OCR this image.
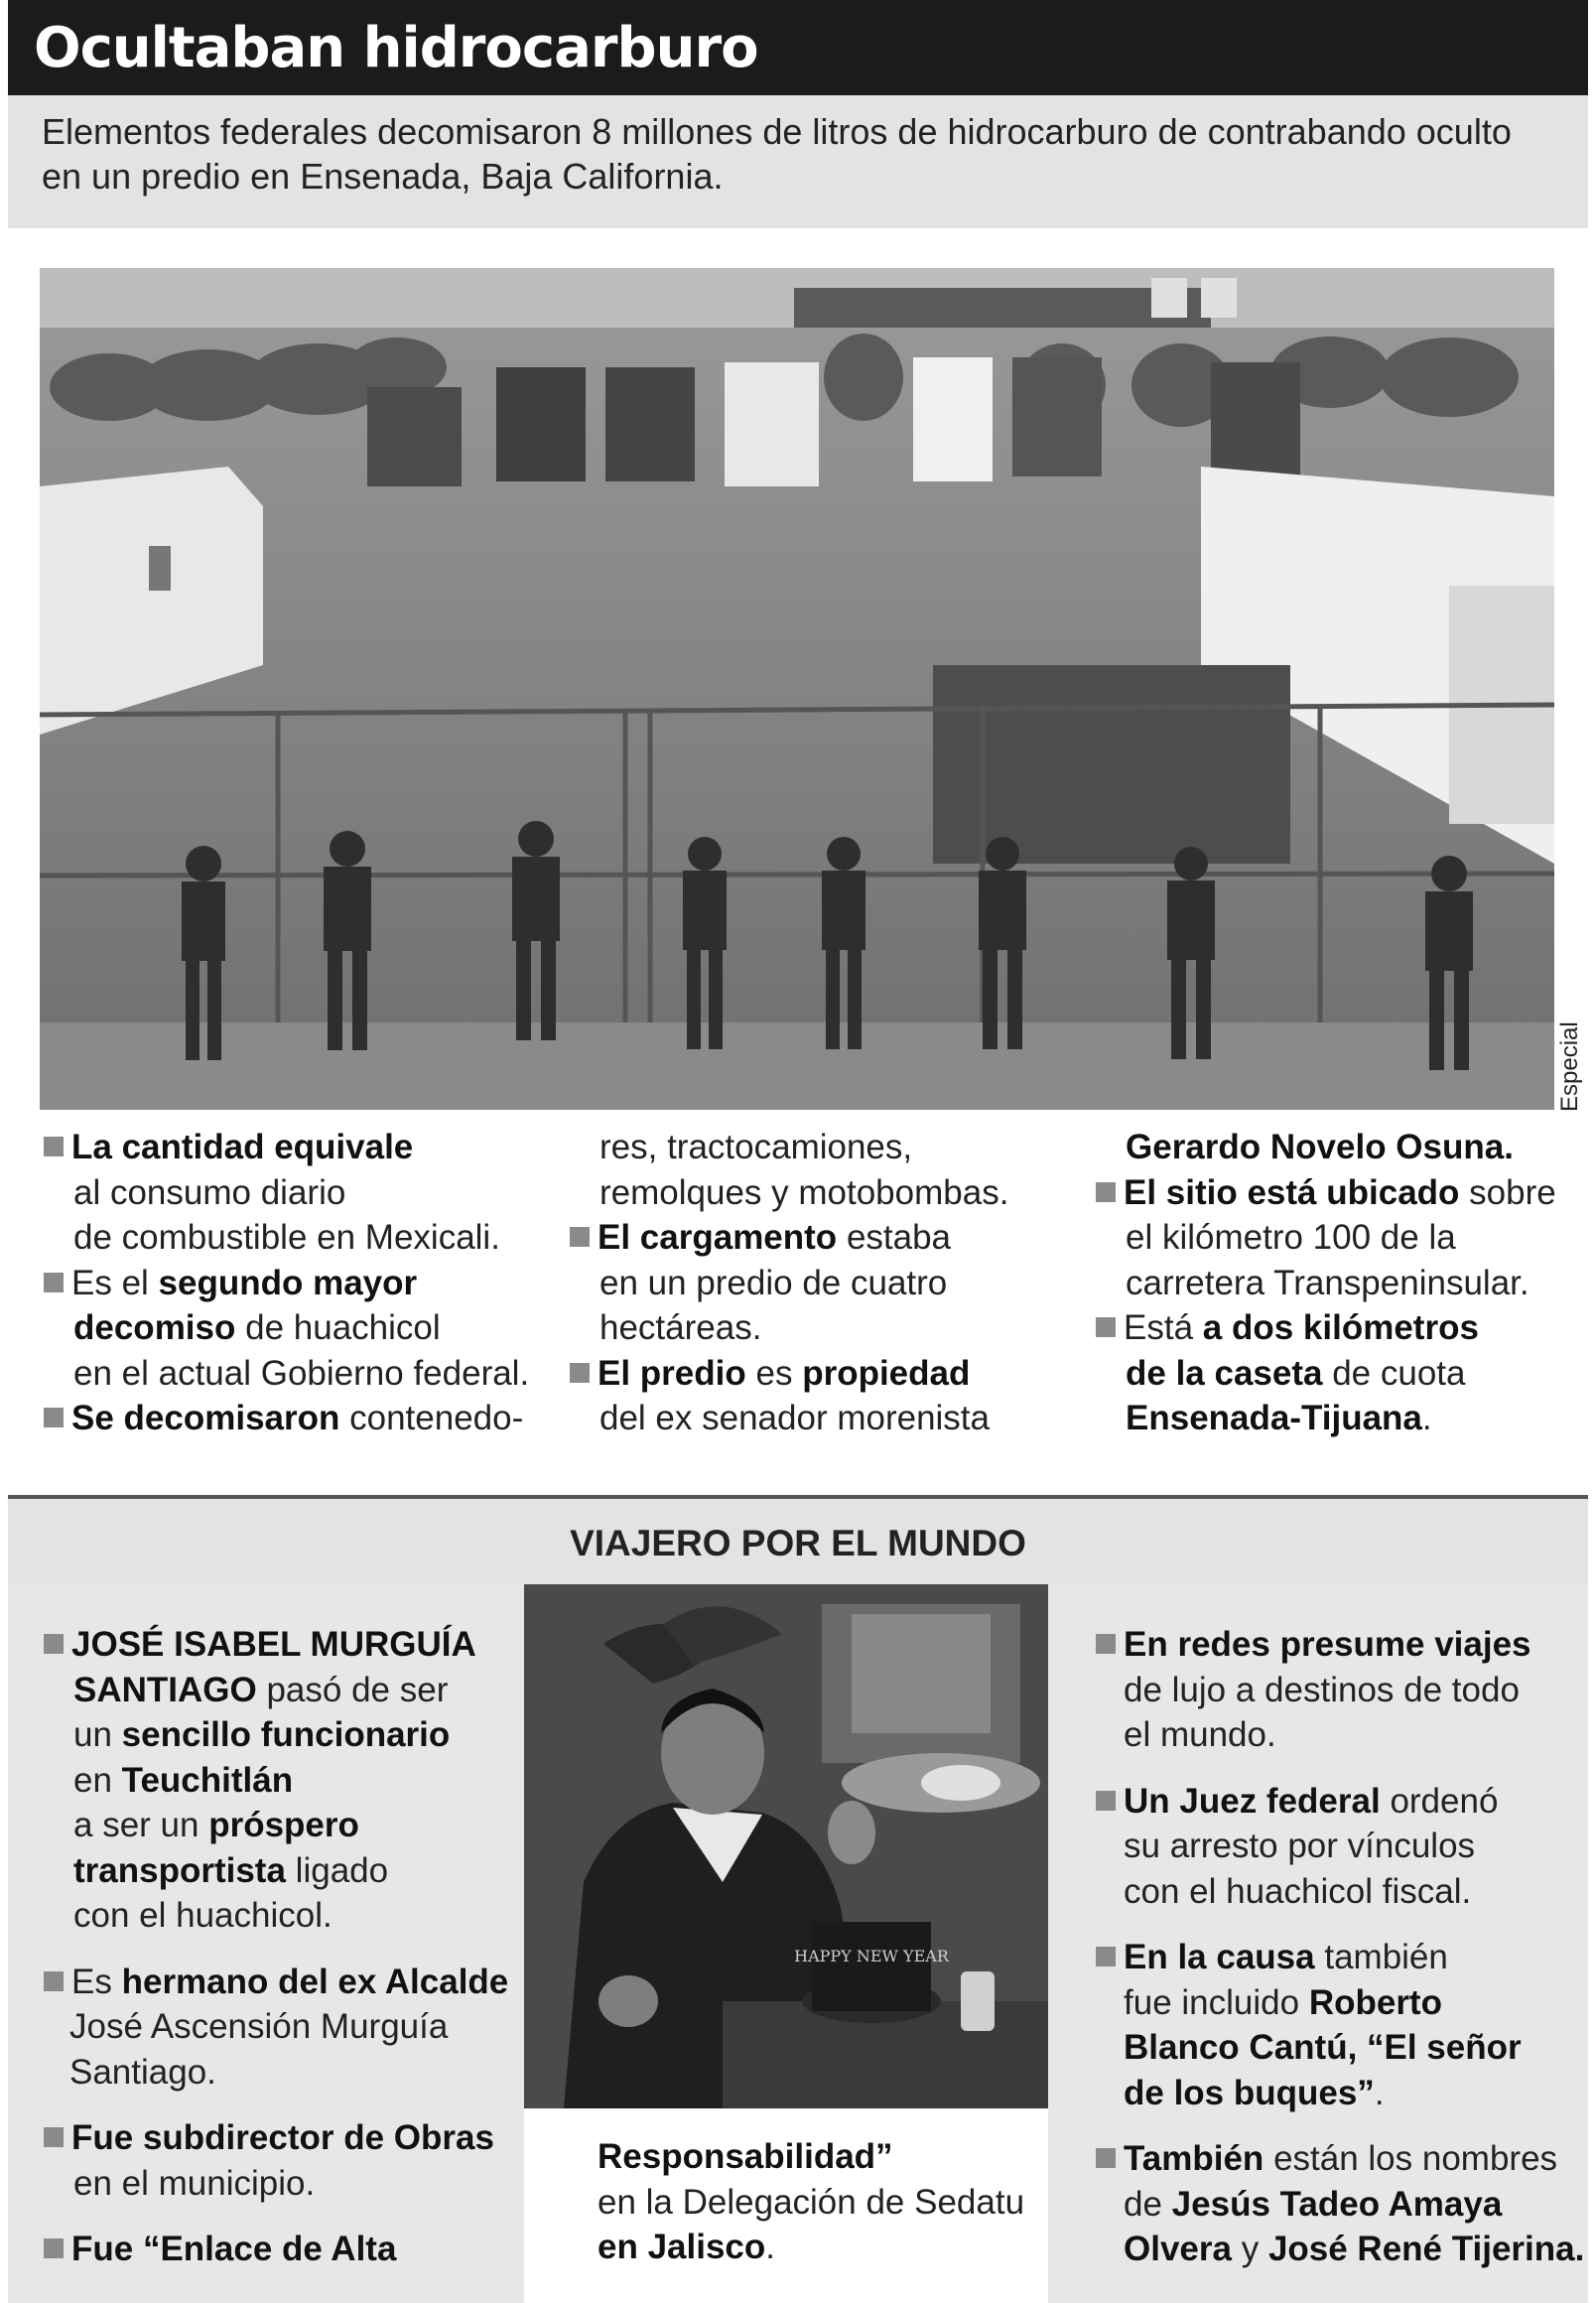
Ocultaban hidrocarburo

Elementos federales decomisaron 8 millones de litros de hidrocarburo de contrabando oculto en un predio en Ensenada, Baja California.

Especial

La cantidad equivale

al consumo diario

de combustible en Mexicali.

Es el segundo mayor

decomiso de huachicol

en el actual Gobierno federal.

Se decomisaron contenedo-

res, tractocamiones,

remolques y motobombas.

El cargamento estaba

en un predio de cuatro

hectáreas.

El predio es propiedad

del ex senador morenista

Gerardo Novelo Osuna.

El sitio está ubicado sobre

el kilómetro 100 de la

carretera Transpeninsular.

Está a dos kilómetros

de la caseta de cuota

Ensenada-Tijuana.

VIAJERO POR EL MUNDO

JOSÉ ISABEL MURGUÍA
SANTIAGO pasó de ser
un sencillo funcionario
en Teuchitlán
a ser un próspero
transportista ligado
con el huachicol.

Es hermano del ex Alcalde
José Ascensión Murguía
Santiago.

Fue subdirector de Obras
en el municipio.

Fue “Enlace de Alta

HAPPY NEW YEAR

Responsabilidad”
en la Delegación de Sedatu
en Jalisco.

En redes presume viajes
de lujo a destinos de todo
el mundo.

Un Juez federal ordenó
su arresto por vínculos
con el huachicol fiscal.

En la causa también
fue incluido Roberto
Blanco Cantú, “El señor
de los buques”.

También están los nombres
de Jesús Tadeo Amaya
Olvera y José René Tijerina.
